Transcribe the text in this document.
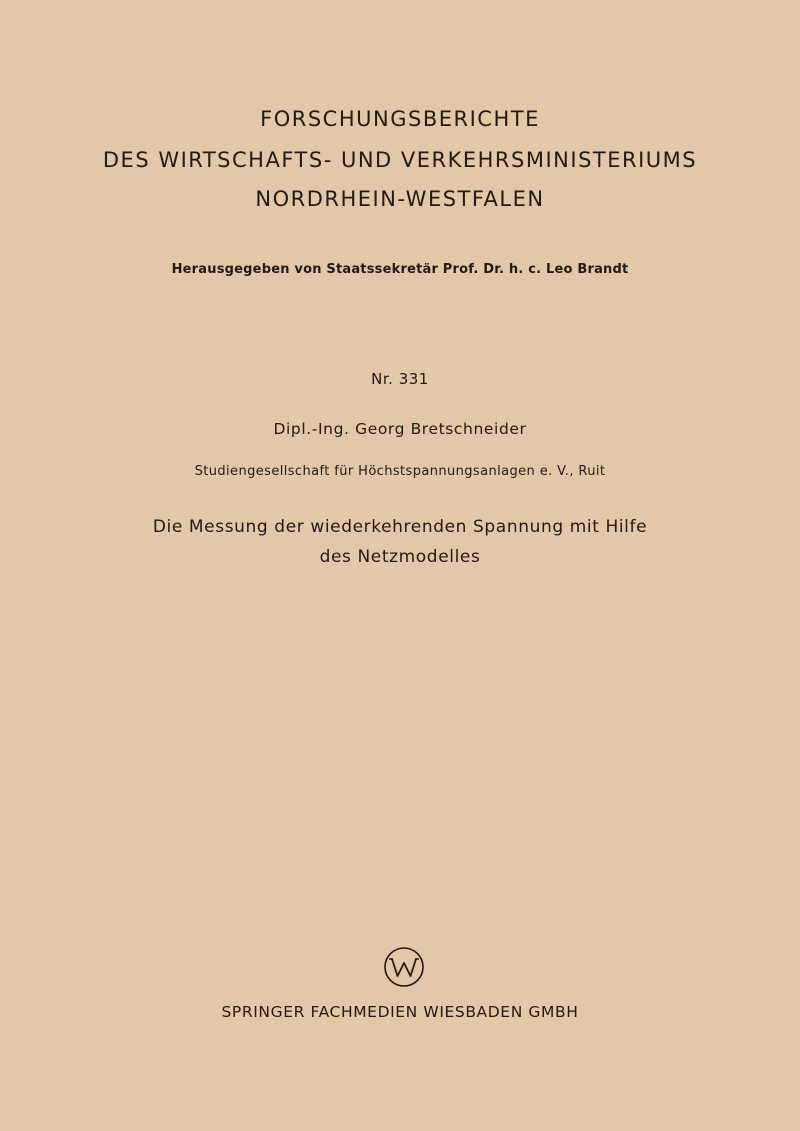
FORSCHUNGSBERICHTE
DES WIRTSCHAFTS- UND VERKEHRSMINISTERIUMS
NORDRHEIN-WESTFALEN
Herausgegeben von Staatssekretär Prof. Dr. h. c. Leo Brandt
Nr. 331
Dipl.-Ing. Georg Bretschneider
Studiengesellschaft für Höchstspannungsanlagen e. V., Ruit
Die Messung der wiederkehrenden Spannung mit Hilfe
des Netzmodelles
SPRINGER FACHMEDIEN WIESBADEN GMBH
